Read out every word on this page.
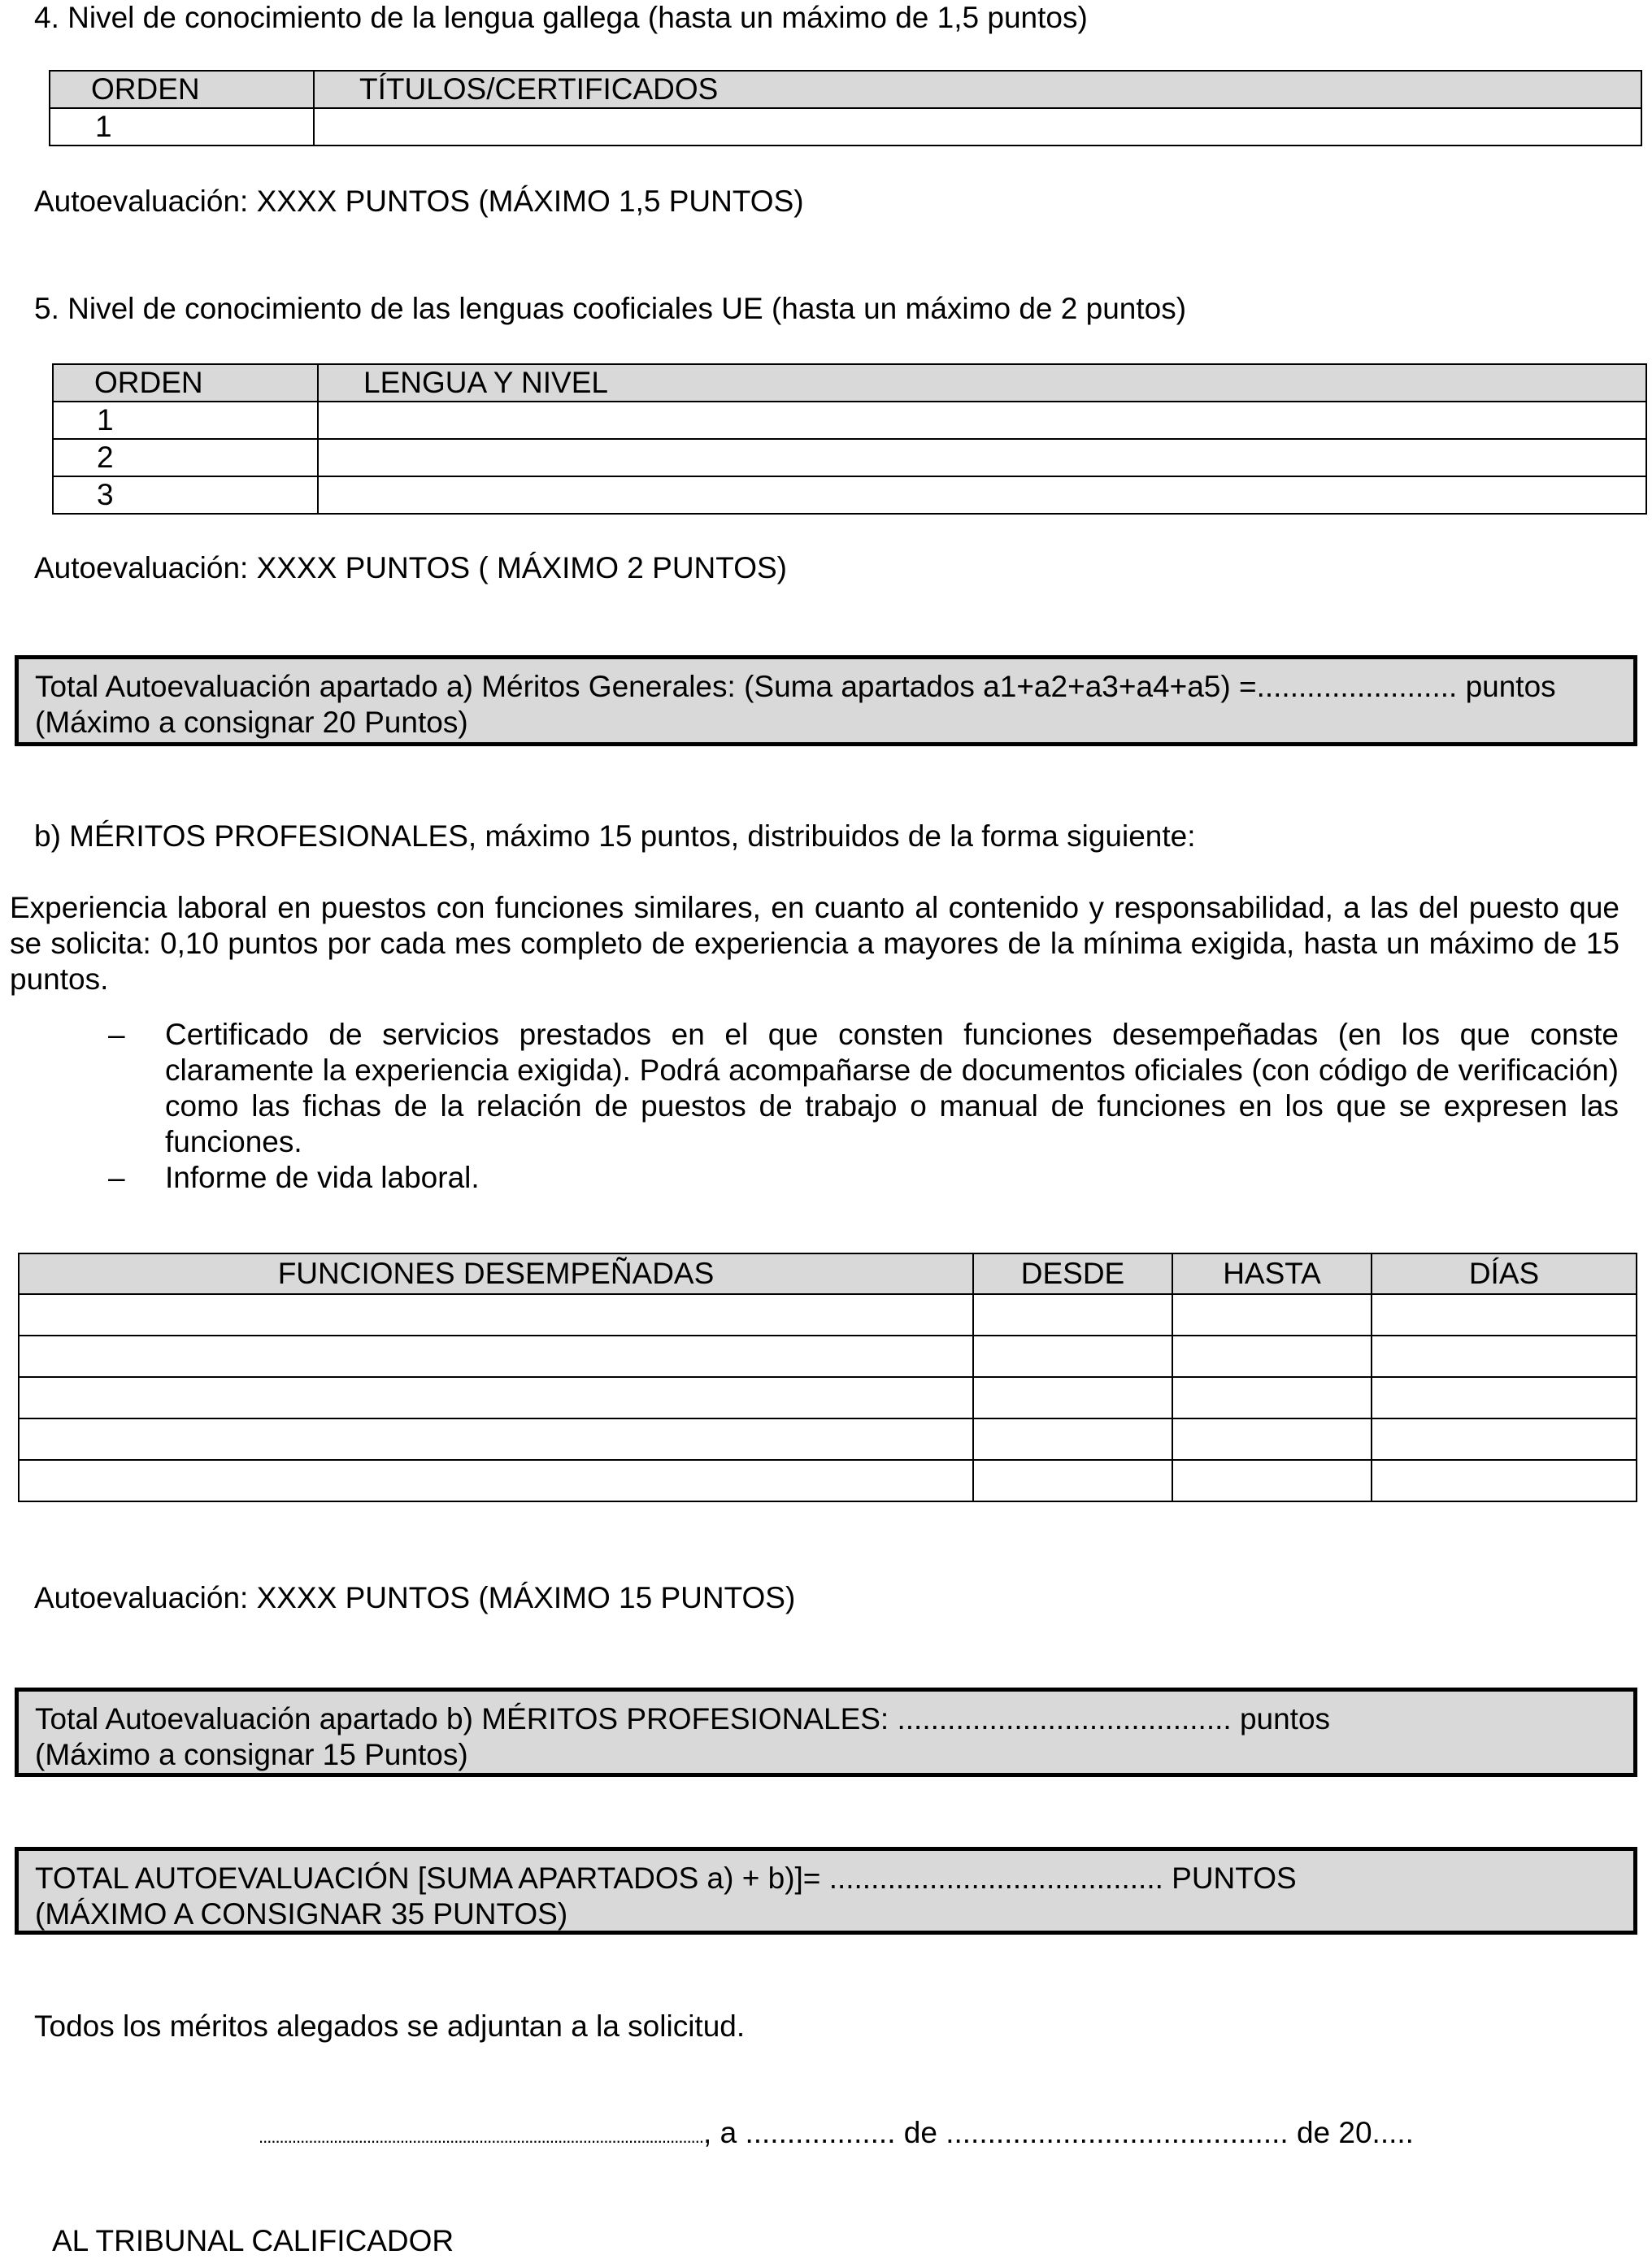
4. Nivel de conocimiento de la lengua gallega (hasta un máximo de 1,5 puntos)
ORDEN	TÍTULOS/CERTIFICADOS
1	
Autoevaluación: XXXX PUNTOS (MÁXIMO 1,5 PUNTOS)
5. Nivel de conocimiento de las lenguas cooficiales UE (hasta un máximo de 2 puntos)
ORDEN	LENGUA Y NIVEL
1	
2	
3	
Autoevaluación: XXXX PUNTOS ( MÁXIMO 2 PUNTOS)
Total Autoevaluación apartado a) Méritos Generales: (Suma apartados a1+a2+a3+a4+a5) =........................ puntos
(Máximo a consignar 20 Puntos)
b) MÉRITOS PROFESIONALES, máximo 15 puntos, distribuidos de la forma siguiente:
Experiencia laboral en puestos con funciones similares, en cuanto al contenido y responsabilidad, a las del puesto que se solicita: 0,10 puntos por cada mes completo de experiencia a mayores de la mínima exigida, hasta un máximo de 15 puntos.
– Certificado de servicios prestados en el que consten funciones desempeñadas (en los que conste claramente la experiencia exigida). Podrá acompañarse de documentos oficiales (con código de verificación) como las fichas de la relación de puestos de trabajo o manual de funciones en los que se expresen las funciones.
– Informe de vida laboral.
FUNCIONES DESEMPEÑADAS	DESDE	HASTA	DÍAS

Autoevaluación: XXXX PUNTOS (MÁXIMO 15 PUNTOS)
Total Autoevaluación apartado b) MÉRITOS PROFESIONALES: ........................................ puntos
(Máximo a consignar 15 Puntos)
TOTAL AUTOEVALUACIÓN [SUMA APARTADOS a) + b)]= ........................................ PUNTOS
(MÁXIMO A CONSIGNAR 35 PUNTOS)
Todos los méritos alegados se adjuntan a la solicitud.
..........................................................................................................., a .................. de ......................................... de 20.....
AL TRIBUNAL CALIFICADOR
